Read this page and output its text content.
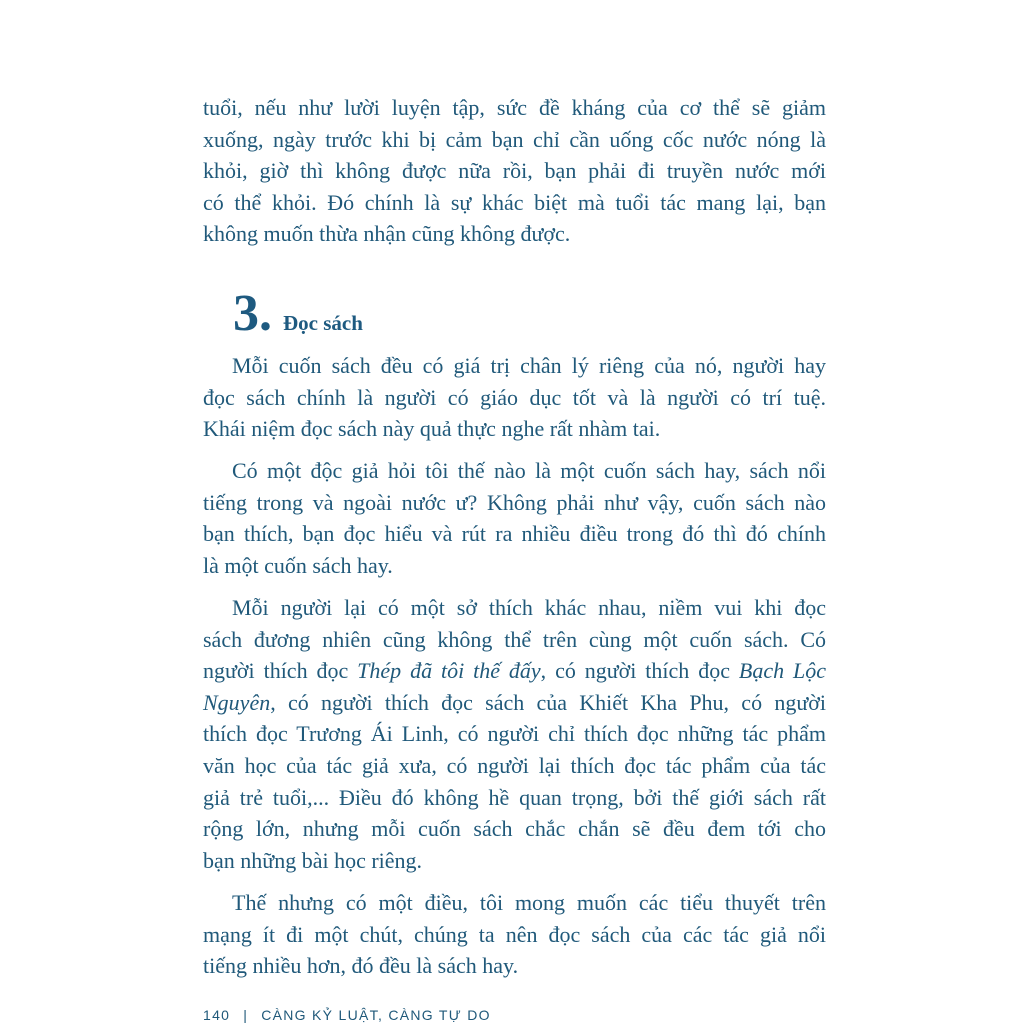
tuổi, nếu như lười luyện tập, sức đề kháng của cơ thể sẽ giảm
xuống, ngày trước khi bị cảm bạn chỉ cần uống cốc nước nóng là
khỏi, giờ thì không được nữa rồi, bạn phải đi truyền nước mới
có thể khỏi. Đó chính là sự khác biệt mà tuổi tác mang lại, bạn
không muốn thừa nhận cũng không được.
3. Đọc sách
Mỗi cuốn sách đều có giá trị chân lý riêng của nó, người hay
đọc sách chính là người có giáo dục tốt và là người có trí tuệ.
Khái niệm đọc sách này quả thực nghe rất nhàm tai.
Có một độc giả hỏi tôi thế nào là một cuốn sách hay, sách nổi
tiếng trong và ngoài nước ư? Không phải như vậy, cuốn sách nào
bạn thích, bạn đọc hiểu và rút ra nhiều điều trong đó thì đó chính
là một cuốn sách hay.
Mỗi người lại có một sở thích khác nhau, niềm vui khi đọc
sách đương nhiên cũng không thể trên cùng một cuốn sách. Có
người thích đọc Thép đã tôi thế đấy, có người thích đọc Bạch Lộc
Nguyên, có người thích đọc sách của Khiết Kha Phu, có người
thích đọc Trương Ái Linh, có người chỉ thích đọc những tác phẩm
văn học của tác giả xưa, có người lại thích đọc tác phẩm của tác
giả trẻ tuổi,... Điều đó không hề quan trọng, bởi thế giới sách rất
rộng lớn, nhưng mỗi cuốn sách chắc chắn sẽ đều đem tới cho
bạn những bài học riêng.
Thế nhưng có một điều, tôi mong muốn các tiểu thuyết trên
mạng ít đi một chút, chúng ta nên đọc sách của các tác giả nổi
tiếng nhiều hơn, đó đều là sách hay.
140 | CÀNG KỶ LUẬT, CÀNG TỰ DO
